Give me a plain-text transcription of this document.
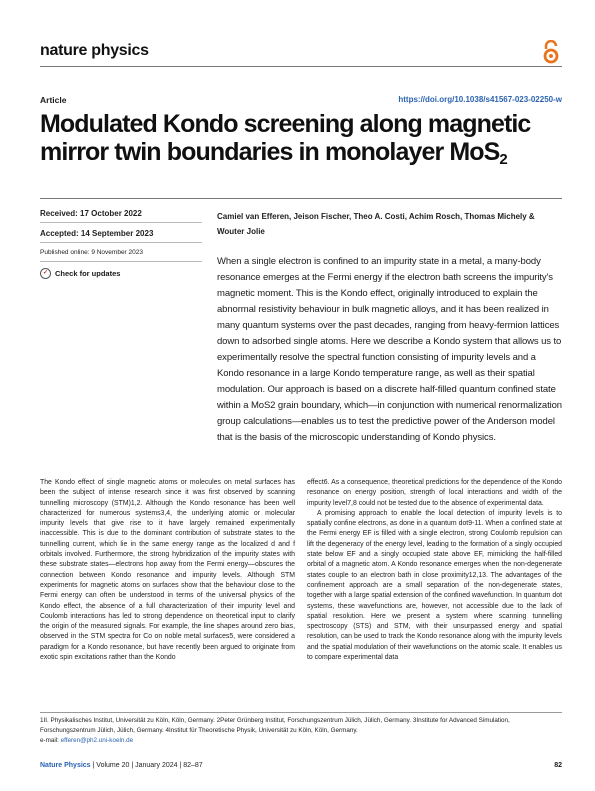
nature physics
Article	https://doi.org/10.1038/s41567-023-02250-w
Modulated Kondo screening along magnetic mirror twin boundaries in monolayer MoS$_2$
Received: 17 October 2022
Accepted: 14 September 2023
Published online: 9 November 2023
✓ Check for updates
Camiel van Efferen, Jeison Fischer, Theo A. Costi, Achim Rosch, Thomas Michely & Wouter Jolie
When a single electron is confined to an impurity state in a metal, a many-body resonance emerges at the Fermi energy if the electron bath screens the impurity's magnetic moment. This is the Kondo effect, originally introduced to explain the abnormal resistivity behaviour in bulk magnetic alloys, and it has been realized in many quantum systems over the past decades, ranging from heavy-fermion lattices down to adsorbed single atoms. Here we describe a Kondo system that allows us to experimentally resolve the spectral function consisting of impurity levels and a Kondo resonance in a large Kondo temperature range, as well as their spatial modulation. Our approach is based on a discrete half-filled quantum confined state within a MoS2 grain boundary, which—in conjunction with numerical renormalization group calculations—enables us to test the predictive power of the Anderson model that is the basis of the microscopic understanding of Kondo physics.

The Kondo effect of single magnetic atoms or molecules on metal surfaces has been the subject of intense research since it was first observed by scanning tunnelling microscopy (STM)1,2. Although the Kondo resonance has been well characterized for numerous systems3,4, the underlying atomic or molecular impurity levels that give rise to it have largely remained experimentally inaccessible. This is due to the dominant contribution of substrate states to the tunnelling current, which lie in the same energy range as the localized d and f orbitals involved. Furthermore, the strong hybridization of the impurity states with these substrate states—electrons hop away from the Fermi energy—obscures the connection between Kondo resonance and impurity levels. Although STM experiments for magnetic atoms on surfaces show that the behaviour close to the Fermi energy can often be understood in terms of the universal physics of the Kondo effect, the absence of a full characterization of their impurity level and Coulomb interactions has led to strong dependence on theoretical input to clarify the origin of the measured signals. For example, the line shapes around zero bias, observed in the STM spectra for Co on noble metal surfaces5, were considered a paradigm for a Kondo resonance, but have recently been argued to originate from exotic spin excitations rather than the Kondo

effect6. As a consequence, theoretical predictions for the dependence of the Kondo resonance on energy position, strength of local interactions and width of the impurity level7,8 could not be tested due to the absence of experimental data.

A promising approach to enable the local detection of impurity levels is to spatially confine electrons, as done in a quantum dot9-11. When a confined state at the Fermi energy EF is filled with a single electron, strong Coulomb repulsion can lift the degeneracy of the energy level, leading to the formation of a singly occupied state below EF and a singly occupied state above EF, mimicking the half-filled orbital of a magnetic atom. A Kondo resonance emerges when the non-degenerate states couple to an electron bath in close proximity12,13. The advantages of the confinement approach are a small separation of the non-degenerate states, together with a large spatial extension of the confined wavefunction. In quantum dot systems, these wavefunctions are, however, not accessible due to the lack of spatial resolution. Here we present a system where scanning tunnelling spectroscopy (STS) and STM, with their unsurpassed energy and spatial resolution, can be used to track the Kondo resonance along with the impurity levels and the spatial modulation of their wavefunctions on the atomic scale. It enables us to compare experimental data

1II. Physikalisches Institut, Universität zu Köln, Köln, Germany. 2Peter Grünberg Institut, Forschungszentrum Jülich, Jülich, Germany. 3Institute for Advanced Simulation, Forschungszentrum Jülich, Jülich, Germany. 4Institut für Theoretische Physik, Universität zu Köln, Köln, Germany.
e-mail: efferen@ph2.uni-koeln.de
Nature Physics | Volume 20 | January 2024 | 82–87	82
